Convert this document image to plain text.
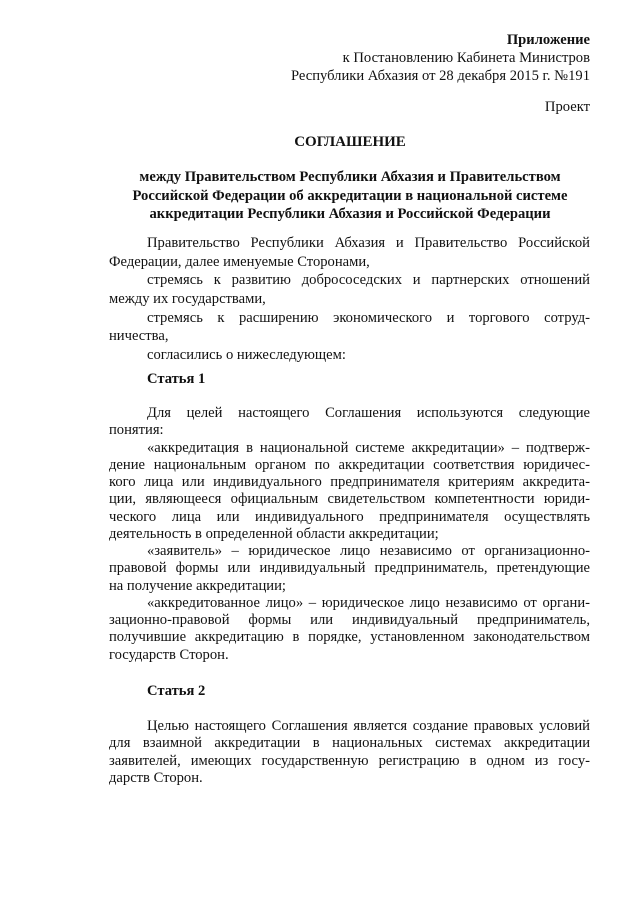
Приложение
к Постановлению Кабинета Министров
Республики Абхазия от 28 декабря 2015 г. №191
Проект
СОГЛАШЕНИЕ
между Правительством Республики Абхазия и Правительством
Российской Федерации об аккредитации в национальной системе
аккредитации Республики Абхазия и Российской Федерации
Правительство Республики Абхазия и Правительство Российской
Федерации, далее именуемые Сторонами,
стремясь к развитию добрососедских и партнерских отношений
между их государствами,
стремясь к расширению экономического и торгового сотруд-
ничества,
согласились о нижеследующем:
Статья 1
Для целей настоящего Соглашения используются следующие
понятия:
«аккредитация в национальной системе аккредитации» – подтверж-
дение национальным органом по аккредитации соответствия юридичес-
кого лица или индивидуального предпринимателя критериям аккредита-
ции, являющееся официальным свидетельством компетентности юриди-
ческого лица или индивидуального предпринимателя осуществлять
деятельность в определенной области аккредитации;
«заявитель» – юридическое лицо независимо от организационно-
правовой формы или индивидуальный предприниматель, претендующие
на получение аккредитации;
«аккредитованное лицо» – юридическое лицо независимо от органи-
зационно-правовой формы или индивидуальный предприниматель,
получившие аккредитацию в порядке, установленном законодательством
государств Сторон.
Статья 2
Целью настоящего Соглашения является создание правовых условий
для взаимной аккредитации в национальных системах аккредитации
заявителей, имеющих государственную регистрацию в одном из госу-
дарств Сторон.
